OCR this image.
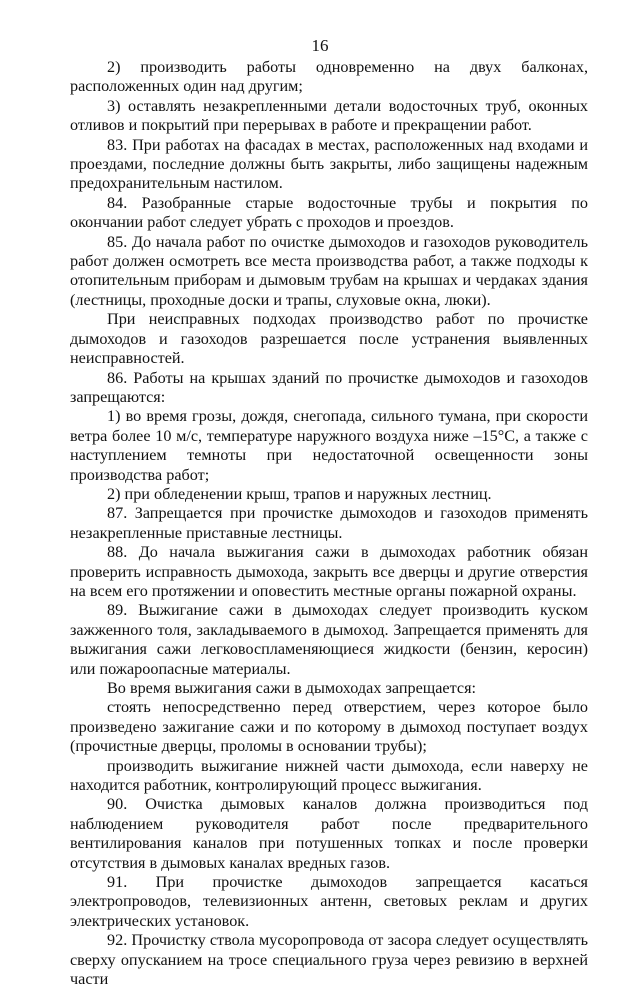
16

2) производить работы одновременно на двух балконах, расположенных один над другим;

3) оставлять незакрепленными детали водосточных труб, оконных отливов и покрытий при перерывах в работе и прекращении работ.

83. При работах на фасадах в местах, расположенных над входами и проездами, последние должны быть закрыты, либо защищены надежным предохранительным настилом.

84. Разобранные старые водосточные трубы и покрытия по окончании работ следует убрать с проходов и проездов.

85. До начала работ по очистке дымоходов и газоходов руководитель работ должен осмотреть все места производства работ, а также подходы к отопительным приборам и дымовым трубам на крышах и чердаках здания (лестницы, проходные доски и трапы, слуховые окна, люки).

При неисправных подходах производство работ по прочистке дымоходов и газоходов разрешается после устранения выявленных неисправностей.

86. Работы на крышах зданий по прочистке дымоходов и газоходов запрещаются:

1) во время грозы, дождя, снегопада, сильного тумана, при скорости ветра более 10 м/с, температуре наружного воздуха ниже –15°С, а также с наступлением темноты при недостаточной освещенности зоны производства работ;

2) при обледенении крыш, трапов и наружных лестниц.

87. Запрещается при прочистке дымоходов и газоходов применять незакрепленные приставные лестницы.

88. До начала выжигания сажи в дымоходах работник обязан проверить исправность дымохода, закрыть все дверцы и другие отверстия на всем его протяжении и оповестить местные органы пожарной охраны.

89. Выжигание сажи в дымоходах следует производить куском зажженного толя, закладываемого в дымоход. Запрещается применять для выжигания сажи легковоспламеняющиеся жидкости (бензин, керосин) или пожароопасные материалы.

Во время выжигания сажи в дымоходах запрещается:

стоять непосредственно перед отверстием, через которое было произведено зажигание сажи и по которому в дымоход поступает воздух (прочистные дверцы, проломы в основании трубы);

производить выжигание нижней части дымохода, если наверху не находится работник, контролирующий процесс выжигания.

90. Очистка дымовых каналов должна производиться под наблюдением руководителя работ после предварительного вентилирования каналов при потушенных топках и после проверки отсутствия в дымовых каналах вредных газов.

91. При прочистке дымоходов запрещается касаться электропроводов, телевизионных антенн, световых реклам и других электрических установок.

92. Прочистку ствола мусоропровода от засора следует осуществлять сверху опусканием на тросе специального груза через ревизию в верхней части
